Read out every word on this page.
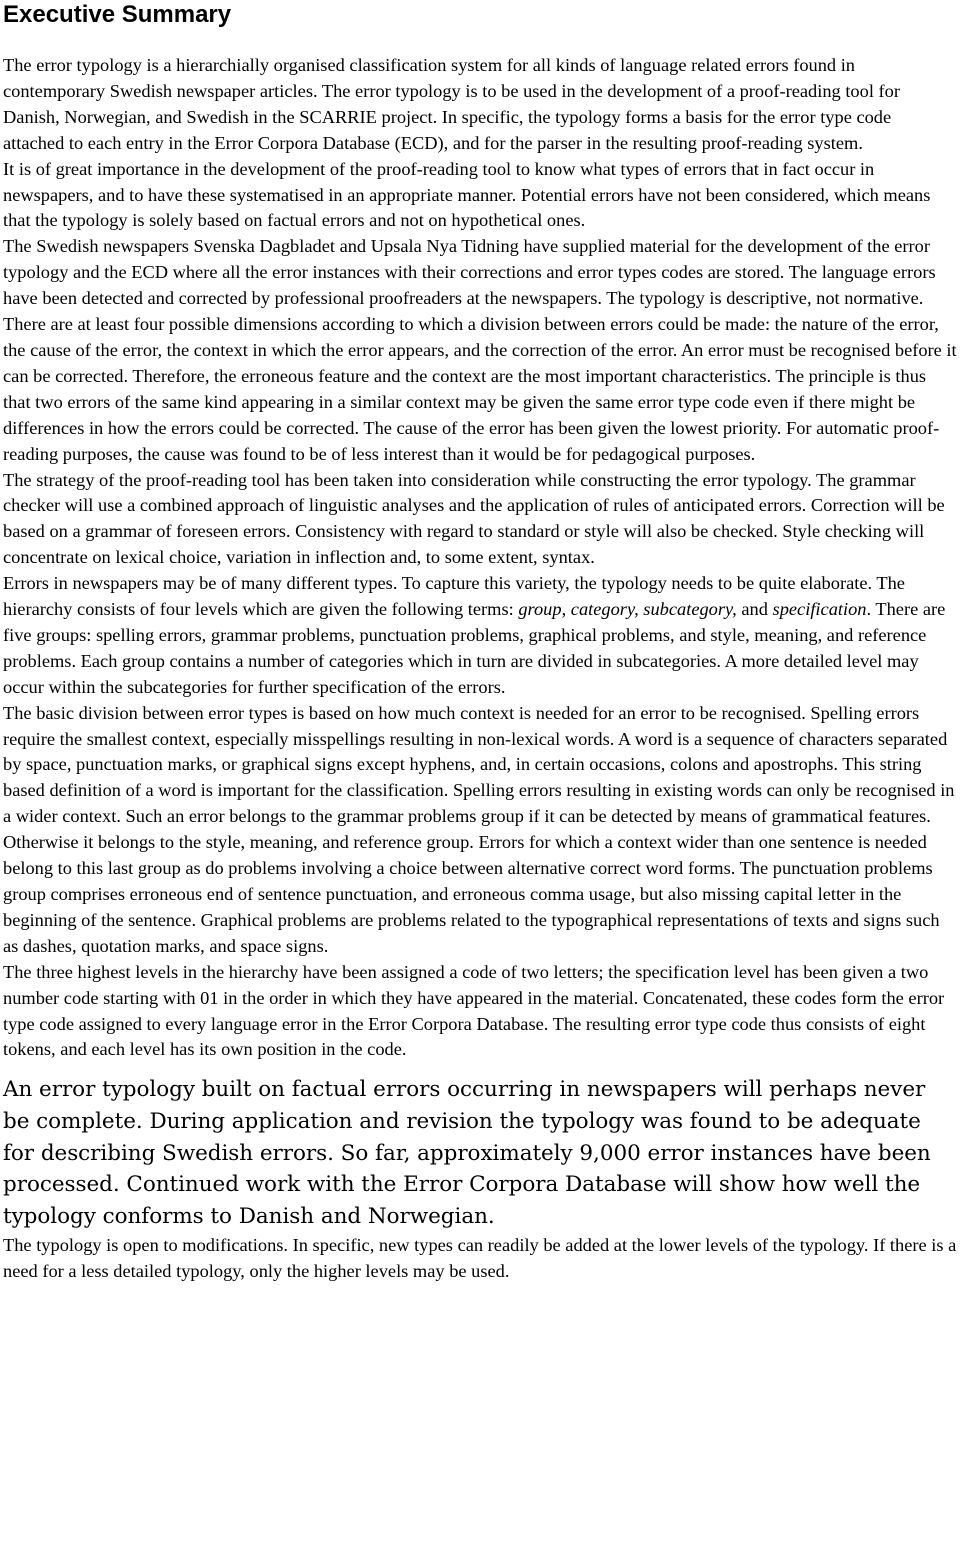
Executive Summary

The error typology is a hierarchially organised classification system for all kinds of language related errors found in contemporary Swedish newspaper articles. The error typology is to be used in the development of a proof-reading tool for Danish, Norwegian, and Swedish in the SCARRIE project. In specific, the typology forms a basis for the error type code attached to each entry in the Error Corpora Database (ECD), and for the parser in the resulting proof-reading system.

It is of great importance in the development of the proof-reading tool to know what types of errors that in fact occur in newspapers, and to have these systematised in an appropriate manner. Potential errors have not been considered, which means that the typology is solely based on factual errors and not on hypothetical ones.

The Swedish newspapers Svenska Dagbladet and Upsala Nya Tidning have supplied material for the development of the error typology and the ECD where all the error instances with their corrections and error types codes are stored. The language errors have been detected and corrected by professional proofreaders at the newspapers. The typology is descriptive, not normative.

There are at least four possible dimensions according to which a division between errors could be made: the nature of the error, the cause of the error, the context in which the error appears, and the correction of the error. An error must be recognised before it can be corrected. Therefore, the erroneous feature and the context are the most important characteristics. The principle is thus that two errors of the same kind appearing in a similar context may be given the same error type code even if there might be differences in how the errors could be corrected. The cause of the error has been given the lowest priority. For automatic proof-reading purposes, the cause was found to be of less interest than it would be for pedagogical purposes.

The strategy of the proof-reading tool has been taken into consideration while constructing the error typology. The grammar checker will use a combined approach of linguistic analyses and the application of rules of anticipated errors. Correction will be based on a grammar of foreseen errors. Consistency with regard to standard or style will also be checked. Style checking will concentrate on lexical choice, variation in inflection and, to some extent, syntax.

Errors in newspapers may be of many different types. To capture this variety, the typology needs to be quite elaborate. The hierarchy consists of four levels which are given the following terms: group, category, subcategory, and specification. There are five groups: spelling errors, grammar problems, punctuation problems, graphical problems, and style, meaning, and reference problems. Each group contains a number of categories which in turn are divided in subcategories. A more detailed level may occur within the subcategories for further specification of the errors.

The basic division between error types is based on how much context is needed for an error to be recognised. Spelling errors require the smallest context, especially misspellings resulting in non-lexical words. A word is a sequence of characters separated by space, punctuation marks, or graphical signs except hyphens, and, in certain occasions, colons and apostrophs. This string based definition of a word is important for the classification. Spelling errors resulting in existing words can only be recognised in a wider context. Such an error belongs to the grammar problems group if it can be detected by means of grammatical features. Otherwise it belongs to the style, meaning, and reference group. Errors for which a context wider than one sentence is needed belong to this last group as do problems involving a choice between alternative correct word forms. The punctuation problems group comprises erroneous end of sentence punctuation, and erroneous comma usage, but also missing capital letter in the beginning of the sentence. Graphical problems are problems related to the typographical representations of texts and signs such as dashes, quotation marks, and space signs.

The three highest levels in the hierarchy have been assigned a code of two letters; the specification level has been given a two number code starting with 01 in the order in which they have appeared in the material. Concatenated, these codes form the error type code assigned to every language error in the Error Corpora Database. The resulting error type code thus consists of eight tokens, and each level has its own position in the code.

An error typology built on factual errors occurring in newspapers will perhaps never be complete. During application and revision the typology was found to be adequate for describing Swedish errors. So far, approximately 9,000 error instances have been processed. Continued work with the Error Corpora Database will show how well the typology conforms to Danish and Norwegian.

The typology is open to modifications. In specific, new types can readily be added at the lower levels of the typology. If there is a need for a less detailed typology, only the higher levels may be used.
